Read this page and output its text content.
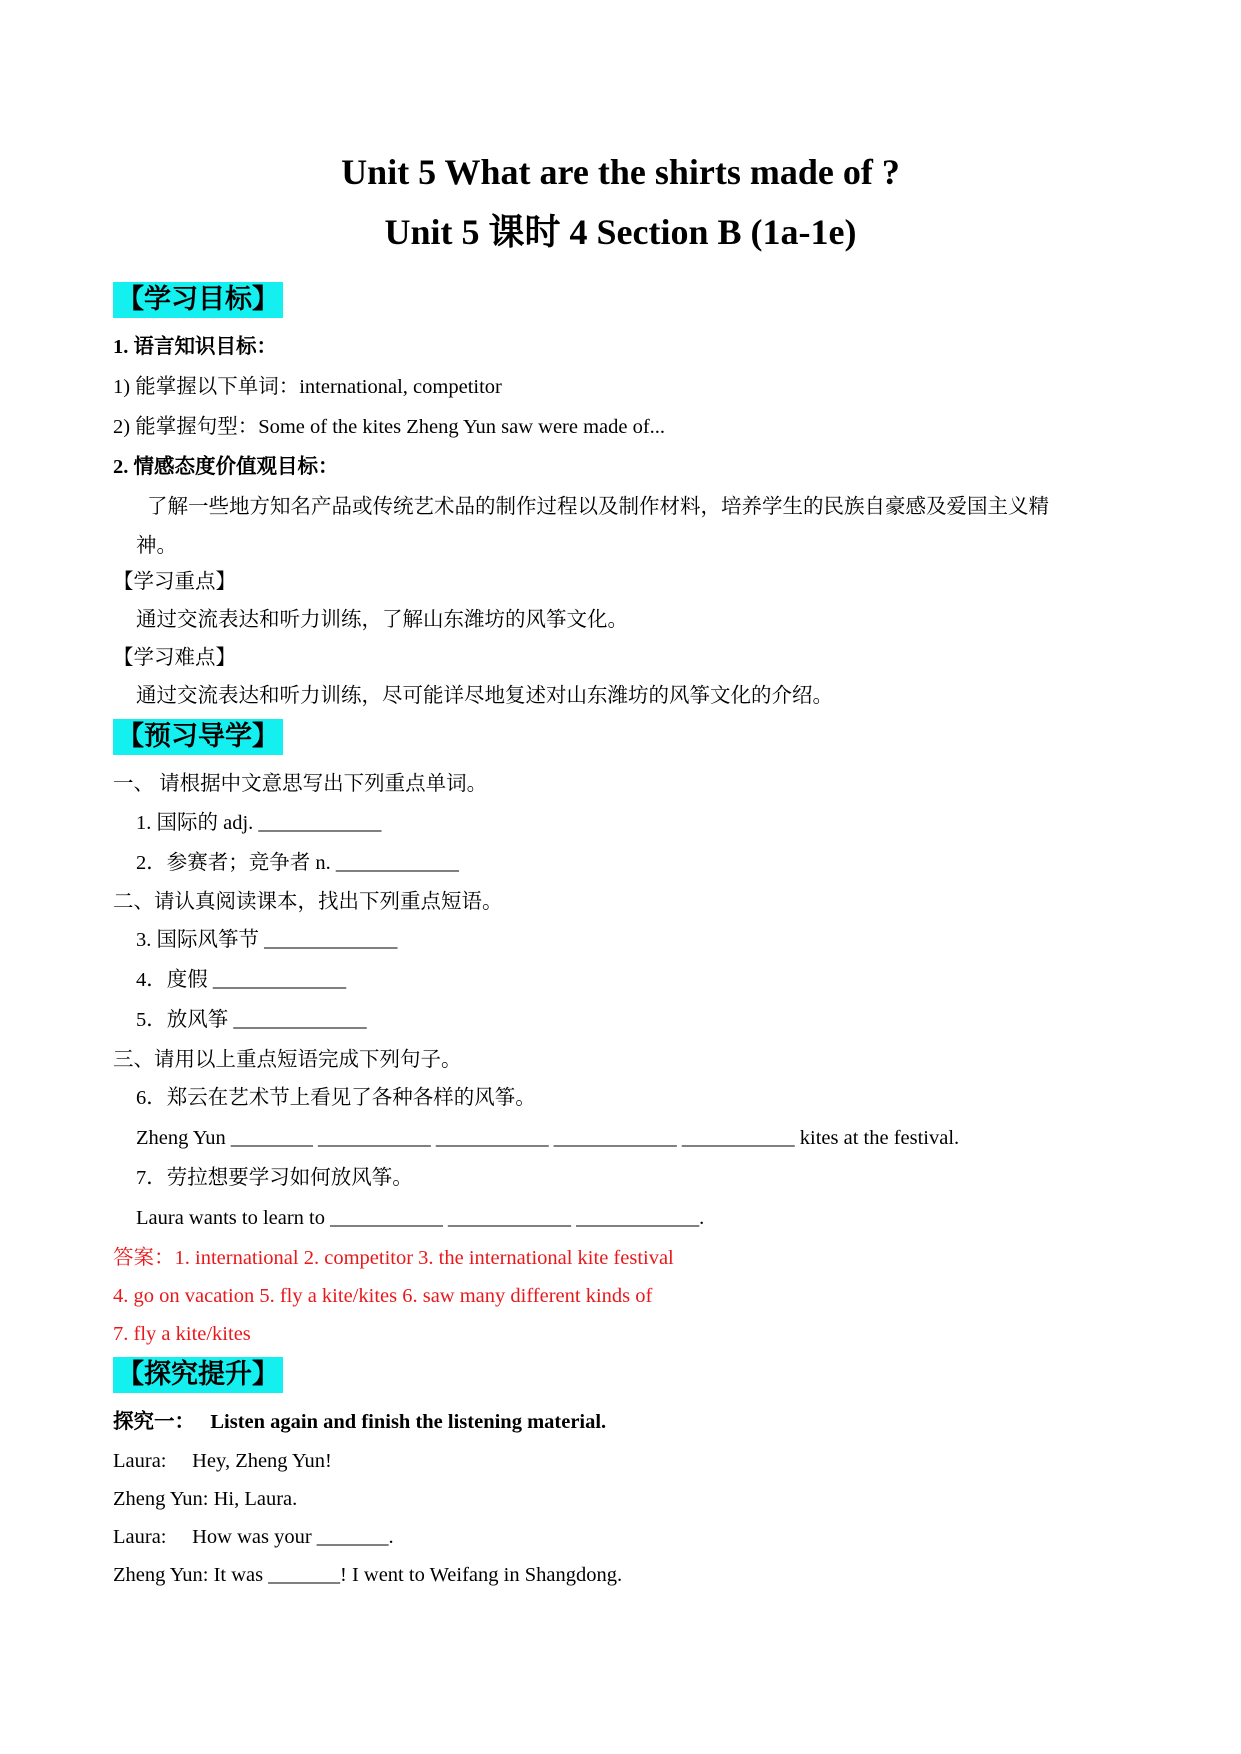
Unit 5 What are the shirts made of ?
Unit 5 课时 4 Section B (1a-1e)
【学习目标】
1. 语言知识目标：
1) 能掌握以下单词：international, competitor
2) 能掌握句型：Some of the kites Zheng Yun saw were made of...
2. 情感态度价值观目标：
了解一些地方知名产品或传统艺术品的制作过程以及制作材料，培养学生的民族自豪感及爱国主义精
神。
【学习重点】
通过交流表达和听力训练，了解山东潍坊的风筝文化。
【学习难点】
通过交流表达和听力训练，尽可能详尽地复述对山东潍坊的风筝文化的介绍。
【预习导学】
一、 请根据中文意思写出下列重点单词。
1. 国际的 adj. ____________
2．参赛者；竞争者 n. ____________
二、请认真阅读课本，找出下列重点短语。
3. 国际风筝节 _____________
4．度假 _____________
5．放风筝 _____________
三、请用以上重点短语完成下列句子。
6．郑云在艺术节上看见了各种各样的风筝。
Zheng Yun ________ ___________ ___________ ____________ ___________ kites at the festival.
7．劳拉想要学习如何放风筝。
Laura wants to learn to ___________ ____________ ____________.
答案：1. international 2. competitor 3. the international kite festival
4. go on vacation 5. fly a kite/kites 6. saw many different kinds of
7. fly a kite/kites
【探究提升】
探究一： Listen again and finish the listening material.
Laura:     Hey, Zheng Yun!
Zheng Yun: Hi, Laura.
Laura:     How was your _______.
Zheng Yun: It was _______! I went to Weifang in Shangdong.
